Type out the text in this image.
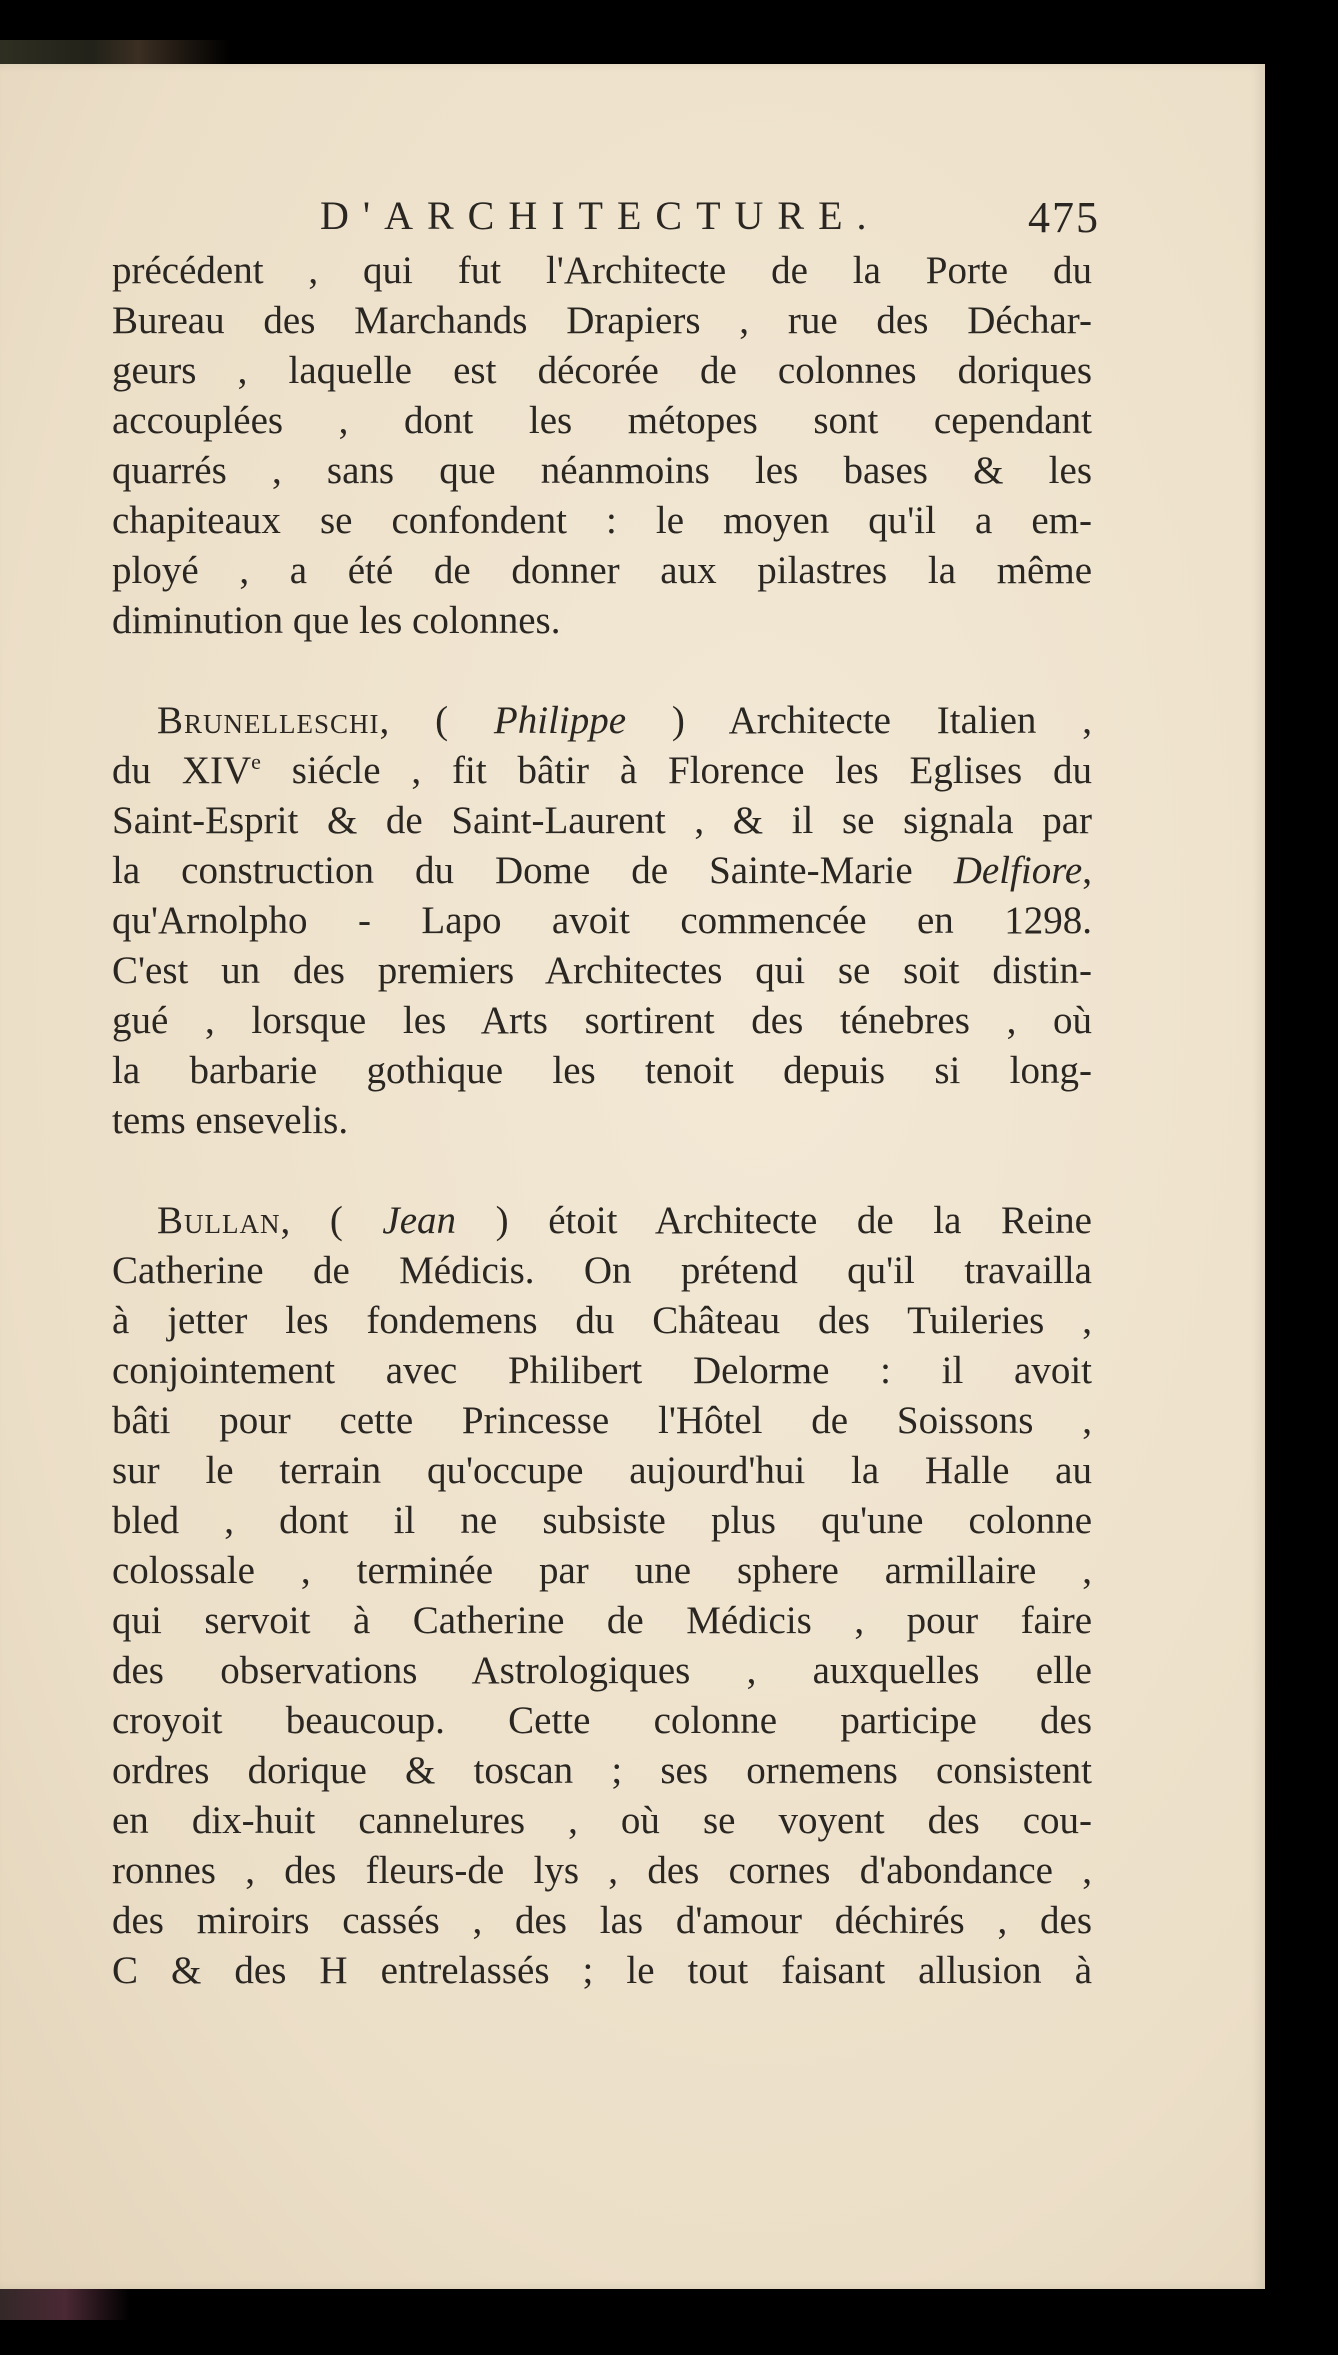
D'ARCHITECTURE.	475
précédent , qui fut l'Architecte de la Porte du
Bureau des Marchands Drapiers , rue des Déchar-
geurs , laquelle est décorée de colonnes doriques
accouplées , dont les métopes sont cependant
quarrés , sans que néanmoins les bases & les
chapiteaux se confondent : le moyen qu'il a em-
ployé , a été de donner aux pilastres la même
diminution que les colonnes.
Brunelleschi, ( Philippe ) Architecte Italien ,
du XIVe siécle , fit bâtir à Florence les Eglises du
Saint-Esprit & de Saint-Laurent , & il se signala par
la construction du Dome de Sainte-Marie Delfiore,
qu'Arnolpho - Lapo avoit commencée en 1298.
C'est un des premiers Architectes qui se soit distin-
gué , lorsque les Arts sortirent des ténebres , où
la barbarie gothique les tenoit depuis si long-
tems ensevelis.
Bullan, ( Jean ) étoit Architecte de la Reine
Catherine de Médicis. On prétend qu'il travailla
à jetter les fondemens du Château des Tuileries ,
conjointement avec Philibert Delorme : il avoit
bâti pour cette Princesse l'Hôtel de Soissons ,
sur le terrain qu'occupe aujourd'hui la Halle au
bled , dont il ne subsiste plus qu'une colonne
colossale , terminée par une sphere armillaire ,
qui servoit à Catherine de Médicis , pour faire
des observations Astrologiques , auxquelles elle
croyoit beaucoup. Cette colonne participe des
ordres dorique & toscan ; ses ornemens consistent
en dix-huit cannelures , où se voyent des cou-
ronnes , des fleurs-de lys , des cornes d'abondance ,
des miroirs cassés , des las d'amour déchirés , des
C & des H entrelassés ; le tout faisant allusion à
